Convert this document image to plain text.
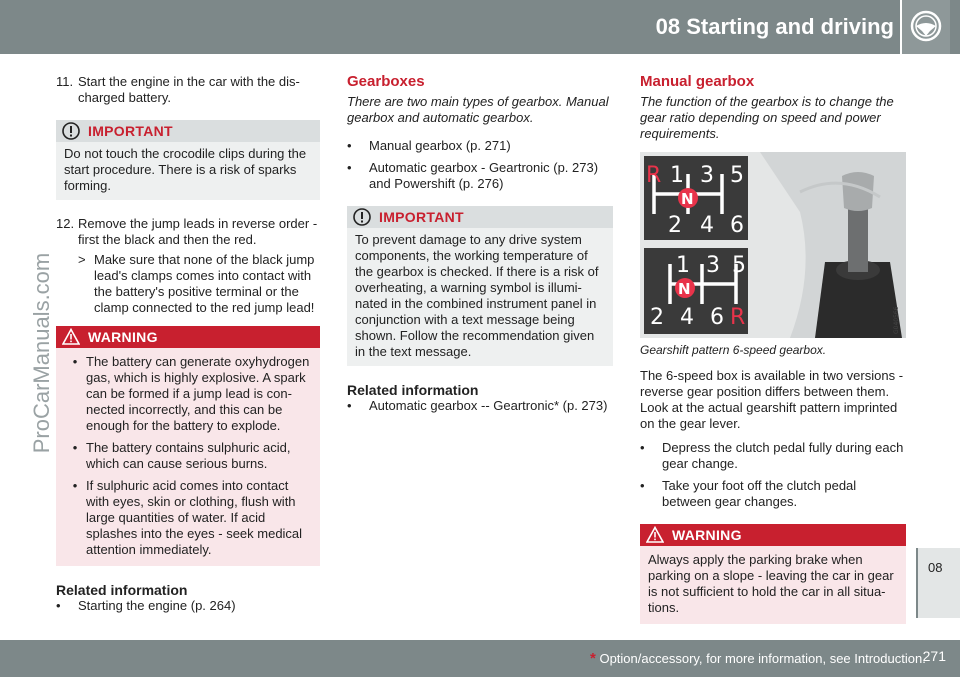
08 Starting and driving
ProCarManuals.com
11. Start the engine in the car with the dis- charged battery.
IMPORTANT
Do not touch the crocodile clips during the start procedure. There is a risk of sparks forming.
12. Remove the jump leads in reverse order - first the black and then the red.
> Make sure that none of the black jump lead's clamps comes into contact with the battery's positive terminal or the clamp connected to the red jump lead!
WARNING
• The battery can generate oxyhydrogen gas, which is highly explosive. A spark can be formed if a jump lead is con- nected incorrectly, and this can be enough for the battery to explode.
• The battery contains sulphuric acid, which can cause serious burns.
• If sulphuric acid comes into contact with eyes, skin or clothing, flush with large quantities of water. If acid splashes into the eyes - seek medical attention immediately.
Related information
•	Starting the engine (p. 264)
Gearboxes
There are two main types of gearbox. Manual gearbox and automatic gearbox.
•	Manual gearbox (p. 271)
•	Automatic gearbox - Geartronic (p. 273) and Powershift (p. 276)
IMPORTANT
To prevent damage to any drive system components, the working temperature of the gearbox is checked. If there is a risk of overheating, a warning symbol is illumi- nated in the combined instrument panel in conjunction with a text message being shown. Follow the recommendation given in the text message.
Related information
•	Automatic gearbox -- Geartronic* (p. 273)
Manual gearbox
The function of the gearbox is to change the gear ratio depending on speed and power requirements.
1 3 5
2 4 6
1 3 5
2 4 6
R
R
N
N
G040566
Gearshift pattern 6-speed gearbox.
The 6-speed box is available in two versions - reverse gear position differs between them. Look at the actual gearshift pattern imprinted on the gear lever.
•	Depress the clutch pedal fully during each gear change.
•	Take your foot off the clutch pedal between gear changes.
WARNING
Always apply the parking brake when parking on a slope - leaving the car in gear is not sufficient to hold the car in all situa- tions.
08
* Option/accessory, for more information, see Introduction.
271
